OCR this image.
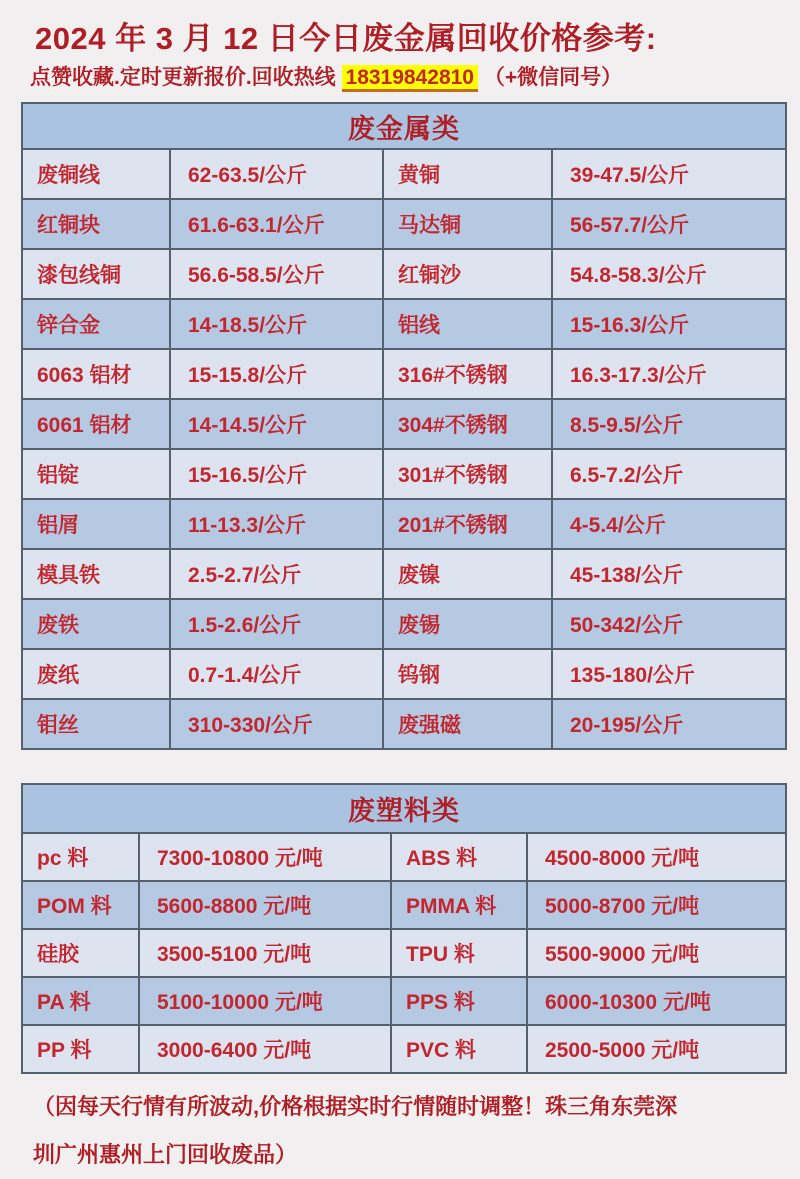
2024 年 3 月 12 日今日废金属回收价格参考:
点赞收藏.定时更新报价.回收热线 18319842810 （+微信同号）
废金属类			
废铜线	62-63.5/公斤	黄铜	39-47.5/公斤
红铜块	61.6-63.1/公斤	马达铜	56-57.7/公斤
漆包线铜	56.6-58.5/公斤	红铜沙	54.8-58.3/公斤
锌合金	14-18.5/公斤	铝线	15-16.3/公斤
6063 铝材	15-15.8/公斤	316#不锈钢	16.3-17.3/公斤
6061 铝材	14-14.5/公斤	304#不锈钢	8.5-9.5/公斤
铝锭	15-16.5/公斤	301#不锈钢	6.5-7.2/公斤
铝屑	11-13.3/公斤	201#不锈钢	4-5.4/公斤
模具铁	2.5-2.7/公斤	废镍	45-138/公斤
废铁	1.5-2.6/公斤	废锡	50-342/公斤
废纸	0.7-1.4/公斤	钨钢	135-180/公斤
钼丝	310-330/公斤	废强磁	20-195/公斤
废塑料类			
pc 料	7300-10800 元/吨	ABS 料	4500-8000 元/吨
POM 料	5600-8800 元/吨	PMMA 料	5000-8700 元/吨
硅胶	3500-5100 元/吨	TPU 料	5500-9000 元/吨
PA 料	5100-10000 元/吨	PPS 料	6000-10300 元/吨
PP 料	3000-6400 元/吨	PVC 料	2500-5000 元/吨
（因每天行情有所波动,价格根据实时行情随时调整！珠三角东莞深
圳广州惠州上门回收废品）
